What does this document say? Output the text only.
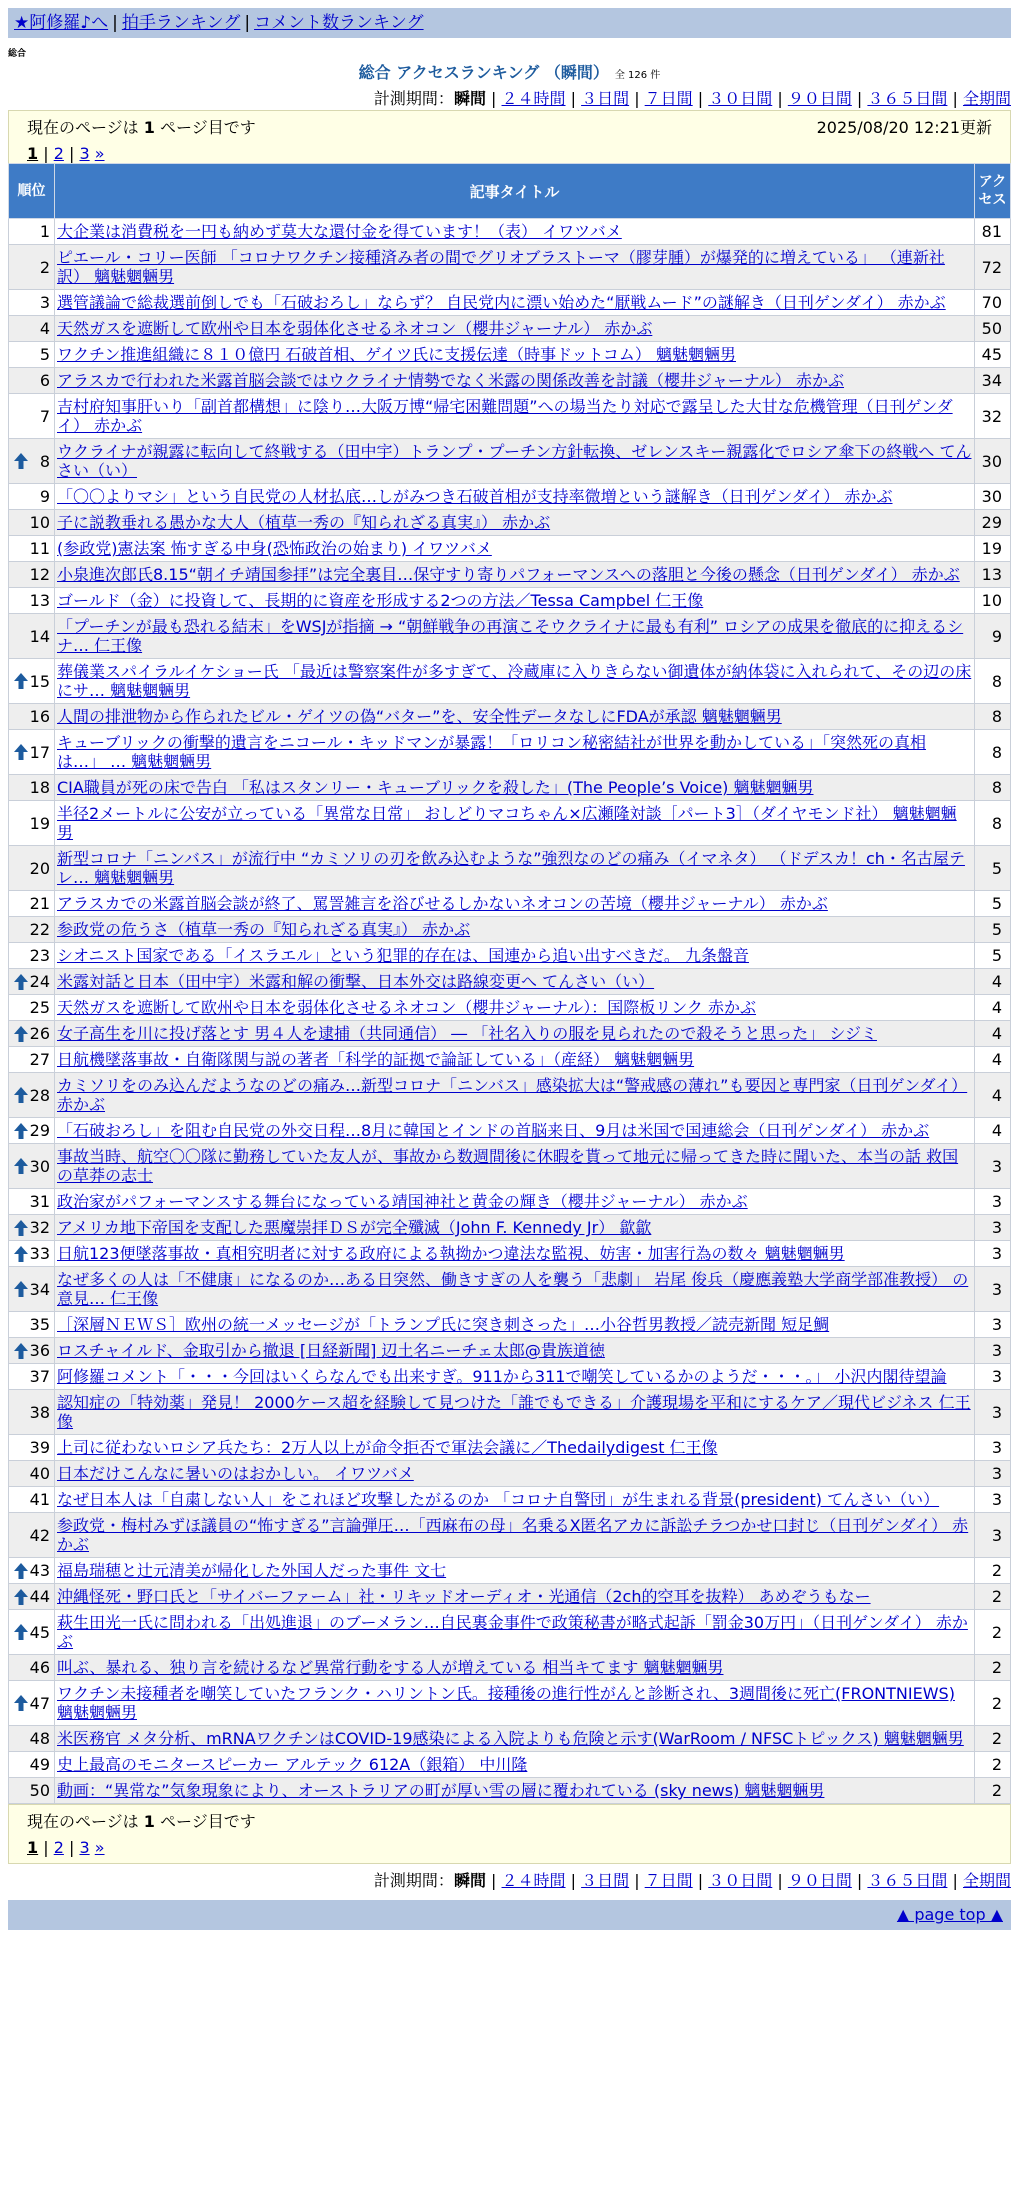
★阿修羅♪へ | 拍手ランキング | コメント数ランキング
総合
総合 アクセスランキング （瞬間） 全 126 件
計測期間：瞬間 | ２４時間 | ３日間 | ７日間 | ３０日間 | ９０日間 | ３６５日間 | 全期間
現在のページは 1 ページ目です	2025/08/20 12:21更新
1 | 2 | 3 »
順位	記事タイトル	アクセス
1	大企業は消費税を一円も納めず莫大な還付金を得ています！（表） イワツバメ	81
2	ピエール・コリー医師 「コロナワクチン接種済み者の間でグリオブラストーマ（膠芽腫）が爆発的に増えている」 （連新社訳） 魑魅魍魎男	72
3	選管議論で総裁選前倒しでも「石破おろし」ならず？ 自民党内に漂い始めた“厭戦ムード”の謎解き（日刊ゲンダイ） 赤かぶ	70
4	天然ガスを遮断して欧州や日本を弱体化させるネオコン（櫻井ジャーナル） 赤かぶ	50
5	ワクチン推進組織に８１０億円 石破首相、ゲイツ氏に支援伝達（時事ドットコム） 魑魅魍魎男	45
6	アラスカで行われた米露首脳会談ではウクライナ情勢でなく米露の関係改善を討議（櫻井ジャーナル） 赤かぶ	34
7	吉村府知事肝いり「副首都構想」に陰り…大阪万博“帰宅困難問題”への場当たり対応で露呈した大甘な危機管理（日刊ゲンダイ） 赤かぶ	32

8	ウクライナが親露に転向して終戦する（田中宇）トランプ・プーチン方針転換、ゼレンスキー親露化でロシア傘下の終戦へ てんさい（い）	30
9	「〇〇よりマシ」という自民党の人材払底…しがみつき石破首相が支持率微増という謎解き（日刊ゲンダイ） 赤かぶ	30
10	子に説教垂れる愚かな大人（植草一秀の『知られざる真実』） 赤かぶ	29
11	(参政党)憲法案 怖すぎる中身(恐怖政治の始まり) イワツバメ	19
12	小泉進次郎氏8.15“朝イチ靖国参拝”は完全裏目…保守すり寄りパフォーマンスへの落胆と今後の懸念（日刊ゲンダイ） 赤かぶ	13
13	ゴールド（金）に投資して、長期的に資産を形成する2つの方法／Tessa Campbel 仁王像	10
14	「プーチンが最も恐れる結末」をWSJが指摘 → “朝鮮戦争の再演こそウクライナに最も有利” ロシアの成果を徹底的に抑えるシナ… 仁王像	9

15	葬儀業スパイラルイケショー氏 「最近は警察案件が多すぎて、冷蔵庫に入りきらない御遺体が納体袋に入れられて、その辺の床にサ… 魑魅魍魎男	8
16	人間の排泄物から作られたビル・ゲイツの偽“バター”を、安全性データなしにFDAが承認 魑魅魍魎男	8

17	キューブリックの衝撃的遺言をニコール・キッドマンが暴露！「ロリコン秘密結社が世界を動かしている」「突然死の真相は…」 … 魑魅魍魎男	8
18	CIA職員が死の床で告白 「私はスタンリー・キューブリックを殺した」(The People’s Voice) 魑魅魍魎男	8
19	半径2メートルに公安が立っている「異常な日常」 おしどりマコちゃん×広瀬隆対談［パート3］（ダイヤモンド社） 魑魅魍魎男	8
20	新型コロナ「ニンバス」が流行中 “カミソリの刃を飲み込むような”強烈なのどの痛み（イマネタ） （ドデスカ！ch・名古屋テレ… 魑魅魍魎男	5
21	アラスカでの米露首脳会談が終了、罵詈雑言を浴びせるしかないネオコンの苦境（櫻井ジャーナル） 赤かぶ	5
22	参政党の危うさ（植草一秀の『知られざる真実』） 赤かぶ	5
23	シオニスト国家である「イスラエル」という犯罪的存在は、国連から追い出すべきだ。 九条盤音	5

24	米露対話と日本（田中宇）米露和解の衝撃、日本外交は路線変更へ てんさい（い）	4
25	天然ガスを遮断して欧州や日本を弱体化させるネオコン（櫻井ジャーナル）：国際板リンク 赤かぶ	4

26	女子高生を川に投げ落とす 男４人を逮捕（共同通信） ― 「社名入りの服を見られたので殺そうと思った」 シジミ	4
27	日航機墜落事故・自衛隊関与説の著者「科学的証拠で論証している」（産経） 魑魅魍魎男	4

28	カミソリをのみ込んだようなのどの痛み…新型コロナ「ニンバス」感染拡大は“警戒感の薄れ”も要因と専門家（日刊ゲンダイ） 赤かぶ	4

29	「石破おろし」を阻む自民党の外交日程…8月に韓国とインドの首脳来日、9月は米国で国連総会（日刊ゲンダイ） 赤かぶ	4

30	事故当時、航空〇〇隊に勤務していた友人が、事故から数週間後に休暇を貰って地元に帰ってきた時に聞いた、本当の話 救国の草莽の志士	3
31	政治家がパフォーマンスする舞台になっている靖国神社と黄金の輝き（櫻井ジャーナル） 赤かぶ	3

32	アメリカ地下帝国を支配した悪魔崇拝ＤＳが完全殲滅（John F. Kennedy Jr） 歙歙	3

33	日航123便墜落事故・真相究明者に対する政府による執拗かつ違法な監視、妨害・加害行為の数々 魑魅魍魎男	3

34	なぜ多くの人は「不健康」になるのか…ある日突然、働きすぎの人を襲う「悲劇」 岩尾 俊兵（慶應義塾大学商学部准教授） の意見… 仁王像	3
35	［深層ＮＥＷＳ］欧州の統一メッセージが「トランプ氏に突き刺さった」…小谷哲男教授／読売新聞 短足鯛	3

36	ロスチャイルド、金取引から撤退 [日経新聞] 辺土名ニーチェ太郎@貴族道徳	3
37	阿修羅コメント「・・・今回はいくらなんでも出来すぎ。911から311で嘲笑しているかのようだ・・・。」 小沢内閣待望論	3
38	認知症の「特効薬」発見！ 2000ケース超を経験して見つけた「誰でもできる」介護現場を平和にするケア／現代ビジネス 仁王像	3
39	上司に従わないロシア兵たち：2万人以上が命令拒否で軍法会議に／Thedailydigest 仁王像	3
40	日本だけこんなに暑いのはおかしい。 イワツバメ	3
41	なぜ日本人は「自粛しない人」をこれほど攻撃したがるのか 「コロナ自警団」が生まれる背景(president) てんさい（い）	3
42	参政党・梅村みずほ議員の“怖すぎる”言論弾圧…「西麻布の母」名乗るX匿名アカに訴訟チラつかせ口封じ（日刊ゲンダイ） 赤かぶ	3

43	福島瑞穂と辻元清美が帰化した外国人だった事件 文七	2

44	沖縄怪死・野口氏と「サイバーファーム」社・リキッドオーディオ・光通信（2ch的空耳を抜粋） あめぞうもなー	2

45	萩生田光一氏に問われる「出処進退」のブーメラン…自民裏金事件で政策秘書が略式起訴「罰金30万円」（日刊ゲンダイ） 赤かぶ	2
46	叫ぶ、暴れる、独り言を続けるなど異常行動をする人が増えている 相当キてます 魑魅魍魎男	2

47	ワクチン未接種者を嘲笑していたフランク・ハリントン氏。接種後の進行性がんと診断され、3週間後に死亡(FRONTNIEWS) 魑魅魍魎男	2
48	米医務官 メタ分析、mRNAワクチンはCOVID-19感染による入院よりも危険と示す(WarRoom / NFSCトピックス) 魑魅魍魎男	2
49	史上最高のモニタースピーカー アルテック 612A（銀箱） 中川隆	2
50	動画：“異常な”気象現象により、オーストラリアの町が厚い雪の層に覆われている (sky news) 魑魅魍魎男	2
現在のページは 1 ページ目です
1 | 2 | 3 »
計測期間：瞬間 | ２４時間 | ３日間 | ７日間 | ３０日間 | ９０日間 | ３６５日間 | 全期間
▲ page top ▲
